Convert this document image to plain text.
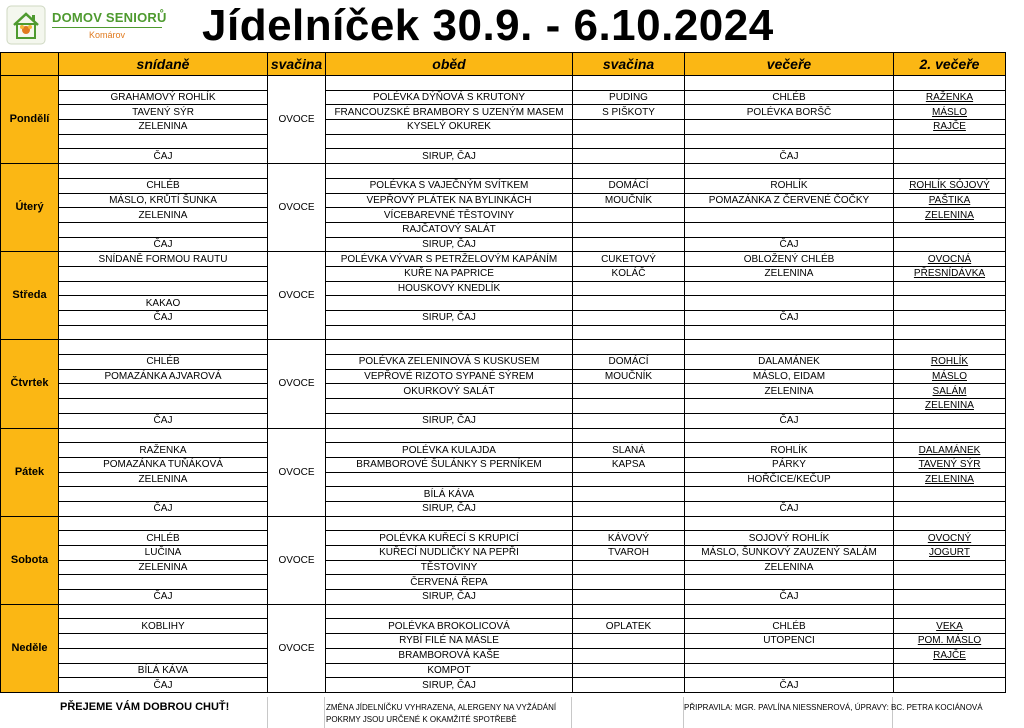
DOMOV SENIORŮ
Komárov	Jídelníček 30.9. - 6.10.2024
	snídaně	svačina	oběd	svačina	večeře	2. večeře
Pondělí		OVOCE				
	GRAHAMOVÝ ROHLÍK		POLÉVKA DÝŇOVÁ S KRUTONY	PUDING	CHLÉB	RAŽENKA
	TAVENÝ SÝR		FRANCOUZSKÉ BRAMBORY S UZENÝM MASEM	S PIŠKOTY	POLÉVKA BORŠČ	MÁSLO
	ZELENINA		KYSELÝ OKUREK			RAJČE

	ČAJ		SIRUP, ČAJ		ČAJ	
Úterý		OVOCE				
	CHLÉB		POLÉVKA S VAJEČNÝM SVÍTKEM	DOMÁCÍ	ROHLÍK	ROHLÍK SÓJOVÝ
	MÁSLO, KRŮTÍ ŠUNKA		VEPŘOVÝ PLÁTEK NA BYLINKÁCH	MOUČNÍK	POMAZÁNKA Z ČERVENÉ ČOČKY	PAŠTIKA
	ZELENINA		VÍCEBAREVNÉ TĚSTOVINY			ZELENINA
			RAJČATOVÝ SALÁT			
	ČAJ		SIRUP, ČAJ		ČAJ	
Středa	SNÍDANĚ FORMOU RAUTU	OVOCE	POLÉVKA VÝVAR S PETRŽELOVÝM KAPÁNÍM	CUKETOVÝ	OBLOŽENÝ CHLÉB	OVOCNÁ
			KUŘE NA PAPRICE	KOLÁČ	ZELENINA	PŘESNÍDÁVKA
			HOUSKOVÝ KNEDLÍK			
	KAKAO					
	ČAJ		SIRUP, ČAJ		ČAJ	

Čtvrtek		OVOCE				
	CHLÉB		POLÉVKA ZELENINOVÁ S KUSKUSEM	DOMÁCÍ	DALAMÁNEK	ROHLÍK
	POMAZÁNKA AJVAROVÁ		VEPŘOVÉ RIZOTO SYPANÉ SÝREM	MOUČNÍK	MÁSLO, EIDAM	MÁSLO
			OKURKOVÝ SALÁT		ZELENINA	SALÁM
						ZELENINA
	ČAJ		SIRUP, ČAJ		ČAJ	
Pátek		OVOCE				
	RAŽENKA		POLÉVKA KULAJDA	SLANÁ	ROHLÍK	DALAMÁNEK
	POMAZÁNKA TUŇÁKOVÁ		BRAMBOROVÉ ŠULÁNKY S PERNÍKEM	KAPSA	PÁRKY	TAVENÝ SÝR
	ZELENINA				HOŘČICE/KEČUP	ZELENINA
			BÍLÁ KÁVA			
	ČAJ		SIRUP, ČAJ		ČAJ	
Sobota		OVOCE				
	CHLÉB		POLÉVKA KUŘECÍ S KRUPICÍ	KÁVOVÝ	SOJOVÝ ROHLÍK	OVOCNÝ
	LUČINA		KUŘECÍ NUDLIČKY NA PEPŘI	TVAROH	MÁSLO, ŠUNKOVÝ ZAUZENÝ SALÁM	JOGURT
	ZELENINA		TĚSTOVINY		ZELENINA	
			ČERVENÁ ŘEPA			
	ČAJ		SIRUP, ČAJ		ČAJ	
Neděle		OVOCE				
	KOBLIHY		POLÉVKA BROKOLICOVÁ	OPLATEK	CHLÉB	VEKA
			RYBÍ FILÉ NA MÁSLE		UTOPENCI	POM. MÁSLO
			BRAMBOROVÁ KAŠE			RAJČE
	BÍLÁ KÁVA		KOMPOT			
	ČAJ		SIRUP, ČAJ		ČAJ	
PŘEJEME VÁM DOBROU CHUŤ!	ZMĚNA JÍDELNÍČKU VYHRAZENA, ALERGENY NA VYŽÁDÁNÍ
POKRMY JSOU URČENÉ K OKAMŽITÉ SPOTŘEBĚ
PŘIPRAVILA: MGR. PAVLÍNA NIESSNEROVÁ, ÚPRAVY: BC. PETRA KOCIÁNOVÁ
